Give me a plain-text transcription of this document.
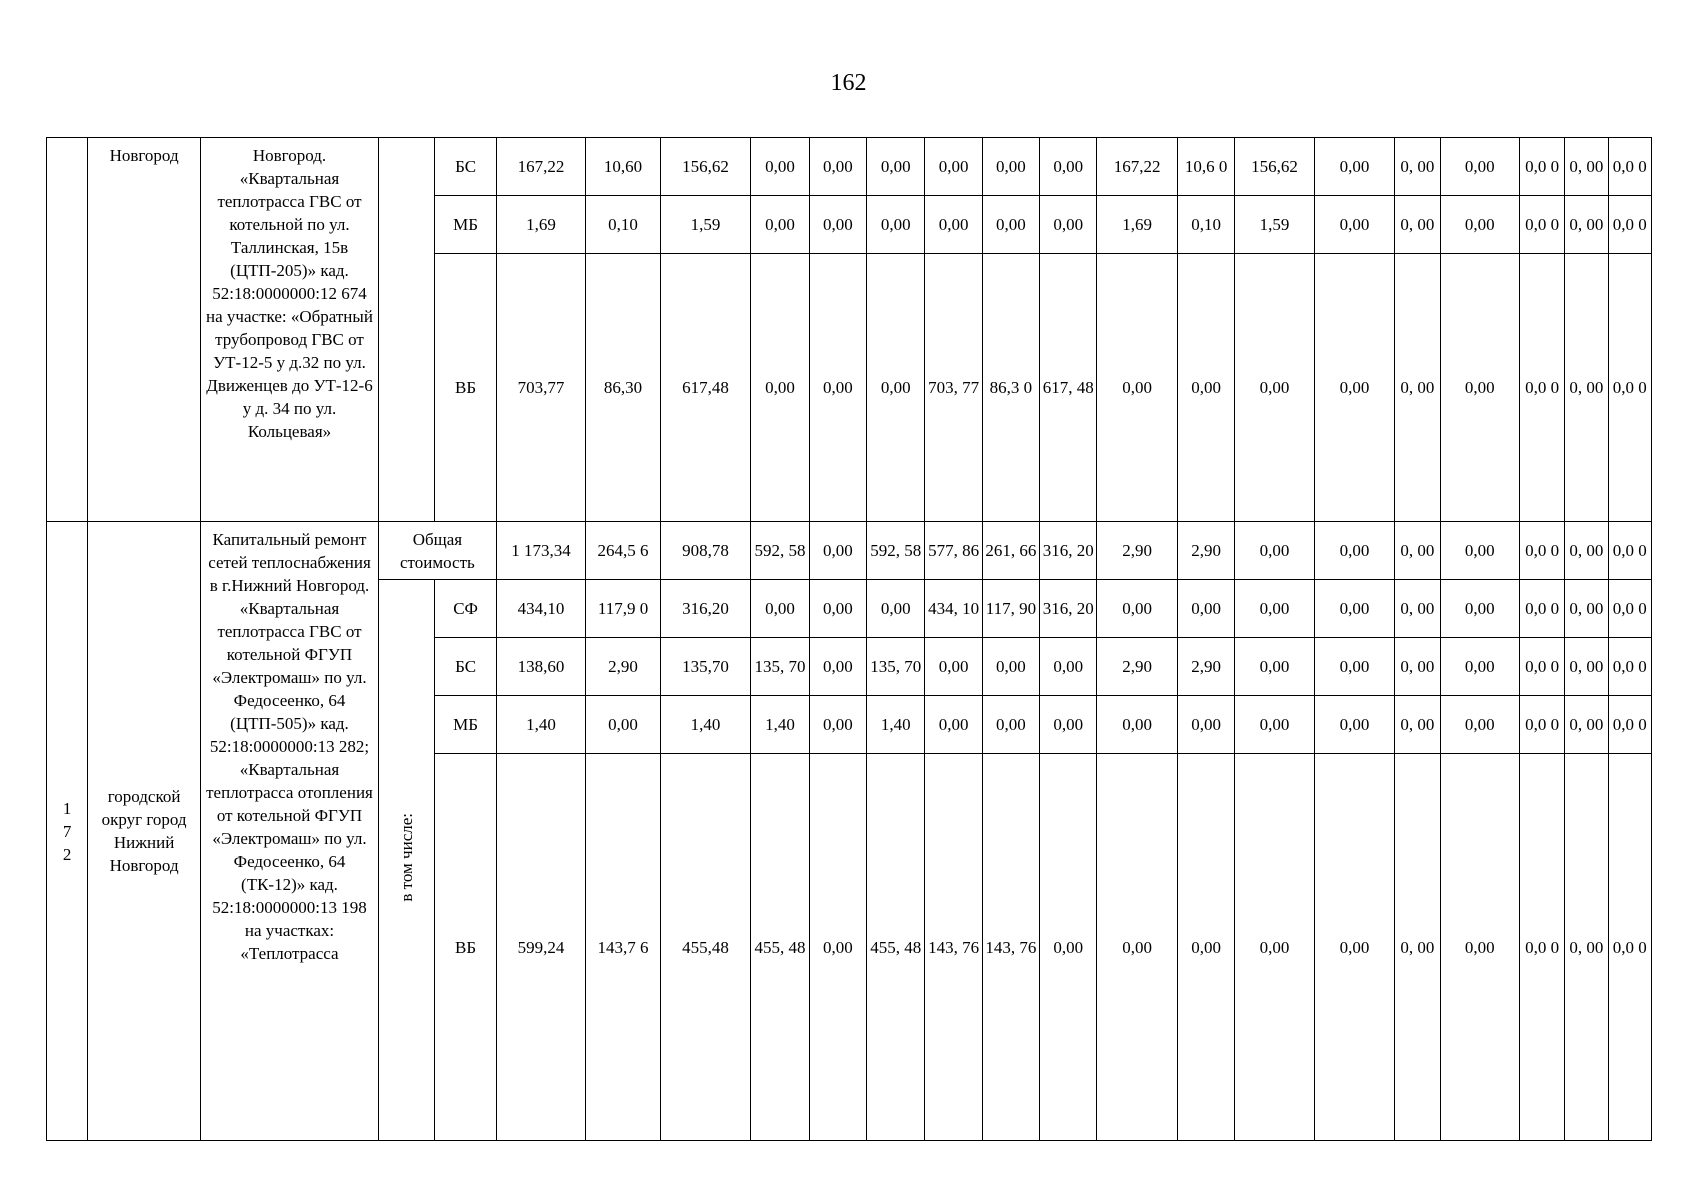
162
	Новгород	Новгород. «Квартальная теплотрасса ГВС от котельной по ул. Таллинская, 15в (ЦТП-205)» кад. 52:18:0000000:12 674 на участке: «Обратный трубопровод ГВС от УТ-12-5 у д.32 по ул. Движенцев до УТ-12-6 у д. 34 по ул. Кольцевая»		БС	167,22	10,60	156,62	0,00	0,00	0,00	0,00	0,00	0,00	167,22	10,6 0	156,62	0,00	0, 00	0,00	0,0 0	0, 00	0,0 0
				МБ	1,69	0,10	1,59	0,00	0,00	0,00	0,00	0,00	0,00	1,69	0,10	1,59	0,00	0, 00	0,00	0,0 0	0, 00	0,0 0
				ВБ	703,77	86,30	617,48	0,00	0,00	0,00	703, 77	86,3 0	617, 48	0,00	0,00	0,00	0,00	0, 00	0,00	0,0 0	0, 00	0,0 0
1 7 2	городской округ город Нижний Новгород	Капитальный ремонт сетей теплоснабжения в г.Нижний Новгород. «Квартальная теплотрасса ГВС от котельной ФГУП «Электромаш» по ул. Федосеенко, 64 (ЦТП-505)» кад. 52:18:0000000:13 282; «Квартальная теплотрасса отопления от котельной ФГУП «Электромаш» по ул. Федосеенко, 64 (ТК-12)» кад. 52:18:0000000:13 198 на участках: «Теплотрасса	Общая стоимость		1 173,34	264,5 6	908,78	592, 58	0,00	592, 58	577, 86	261, 66	316, 20	2,90	2,90	0,00	0,00	0, 00	0,00	0,0 0	0, 00	0,0 0
			в том числе:	СФ	434,10	117,9 0	316,20	0,00	0,00	0,00	434, 10	117, 90	316, 20	0,00	0,00	0,00	0,00	0, 00	0,00	0,0 0	0, 00	0,0 0
				БС	138,60	2,90	135,70	135, 70	0,00	135, 70	0,00	0,00	0,00	2,90	2,90	0,00	0,00	0, 00	0,00	0,0 0	0, 00	0,0 0
				МБ	1,40	0,00	1,40	1,40	0,00	1,40	0,00	0,00	0,00	0,00	0,00	0,00	0,00	0, 00	0,00	0,0 0	0, 00	0,0 0
				ВБ	599,24	143,7 6	455,48	455, 48	0,00	455, 48	143, 76	143, 76	0,00	0,00	0,00	0,00	0,00	0, 00	0,00	0,0 0	0, 00	0,0 0
